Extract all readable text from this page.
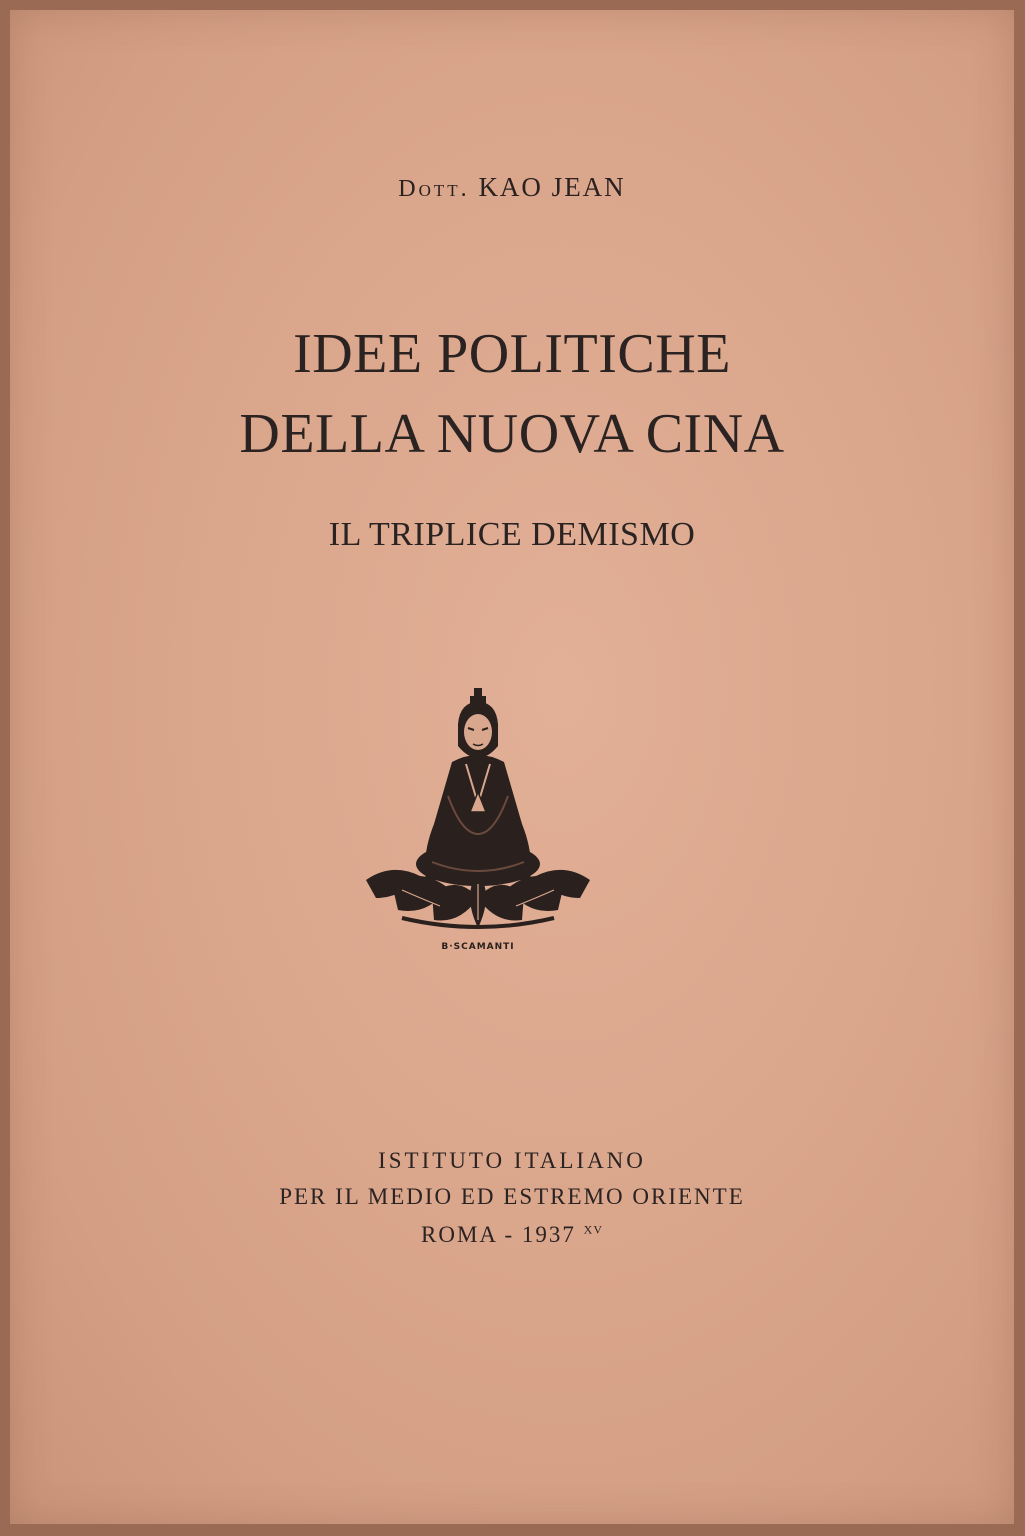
Dott. KAO JEAN
IDEE POLITICHE
DELLA NUOVA CINA
IL TRIPLICE DEMISMO
B·SCAMANTI
ISTITUTO ITALIANO
PER IL MEDIO ED ESTREMO ORIENTE
ROMA - 1937 $^{XV}$
